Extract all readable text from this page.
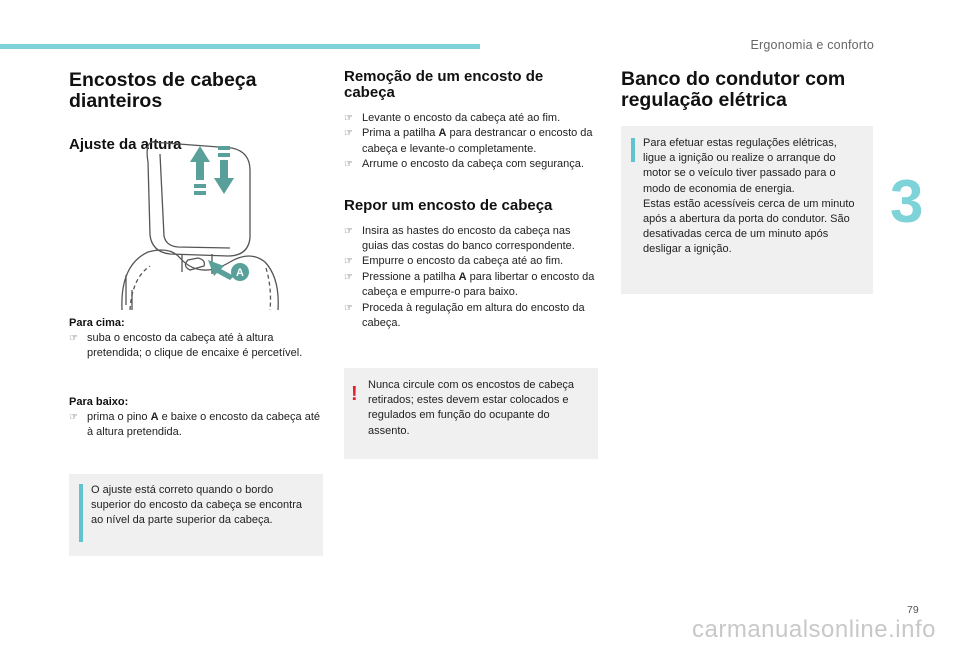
Ergonomia e conforto
3
79
carmanualsonline.info
Encostos de cabeça dianteiros
Ajuste da altura
A

Para cima:

☞ suba o encosto da cabeça até à altura pretendida; o clique de encaixe é percetível.

Para baixo:

☞ prima o pino A e baixe o encosto da cabeça até à altura pretendida.
O ajuste está correto quando o bordo superior do encosto da cabeça se encontra ao nível da parte superior da cabeça.
Remoção de um encosto de cabeça
☞ Levante o encosto da cabeça até ao fim.
☞ Prima a patilha A para destrancar o encosto da cabeça e levante-o completamente.
☞ Arrume o encosto da cabeça com segurança.
Repor um encosto de cabeça
☞ Insira as hastes do encosto da cabeça nas guias das costas do banco correspondente.
☞ Empurre o encosto da cabeça até ao fim.
☞ Pressione a patilha A para libertar o encosto da cabeça e empurre-o para baixo.
☞ Proceda à regulação em altura do encosto da cabeça.
! Nunca circule com os encostos de cabeça retirados; estes devem estar colocados e regulados em função do ocupante do assento.
Banco do condutor com regulação elétrica
Para efetuar estas regulações elétricas, ligue a ignição ou realize o arranque do motor se o veículo tiver passado para o modo de economia de energia.
Estas estão acessíveis cerca de um minuto após a abertura da porta do condutor. São desativadas cerca de um minuto após desligar a ignição.
